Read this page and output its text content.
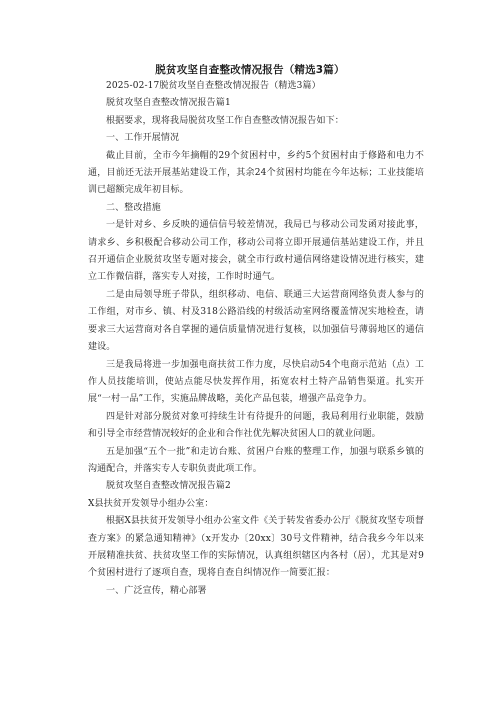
脱贫攻坚自查整改情况报告（精选3篇）

2025-02-17脱贫攻坚自查整改情况报告（精选3篇）

脱贫攻坚自查整改情况报告篇1

根据要求，现将我局脱贫攻坚工作自查整改情况报告如下：

一、工作开展情况

截止目前，全市今年摘帽的29个贫困村中，乡约5个贫困村由于修路和电力不通，目前还无法开展基站建设工作，其余24个贫困村均能在今年达标；工业技能培训已超额完成年初目标。

二、整改措施

一是针对乡、乡反映的通信信号较差情况，我局已与移动公司发函对接此事，请求乡、乡积极配合移动公司工作，移动公司将立即开展通信基站建设工作，并且召开通信企业脱贫攻坚专题对接会，就全市行政村通信网络建设情况进行核实，建立工作微信群，落实专人对接，工作时时通气。

二是由局领导班子带队，组织移动、电信、联通三大运营商网络负责人参与的工作组，对市乡、镇、村及318公路沿线的村级活动室网络覆盖情况实地检查，请要求三大运营商对各自掌握的通信质量情况进行复核，以加强信号薄弱地区的通信建设。

三是我局将进一步加强电商扶贫工作力度，尽快启动54个电商示范站（点）工作人员技能培训，使站点能尽快发挥作用，拓宽农村土特产品销售渠道。扎实开展“一村一品”工作，实施品牌战略，美化产品包装，增强产品竞争力。

四是针对部分脱贫对象可持续生计有待提升的问题，我局利用行业职能，鼓励和引导全市经营情况较好的企业和合作社优先解决贫困人口的就业问题。

五是加强“五个一批”和走访台账、贫困户台账的整理工作，加强与联系乡镇的沟通配合，并落实专人专职负责此项工作。

脱贫攻坚自查整改情况报告篇2

X县扶贫开发领导小组办公室：

根据X县扶贫开发领导小组办公室文件《关于转发省委办公厅《脱贫攻坚专项督查方案》的紧急通知精神》（x开发办〔20xx〕30号文件精神，结合我乡今年以来开展精准扶贫、扶贫攻坚工作的实际情况，认真组织辖区内各村（居），尤其是对9个贫困村进行了逐项自查，现将自查自纠情况作一简要汇报：

一、广泛宣传，精心部署
